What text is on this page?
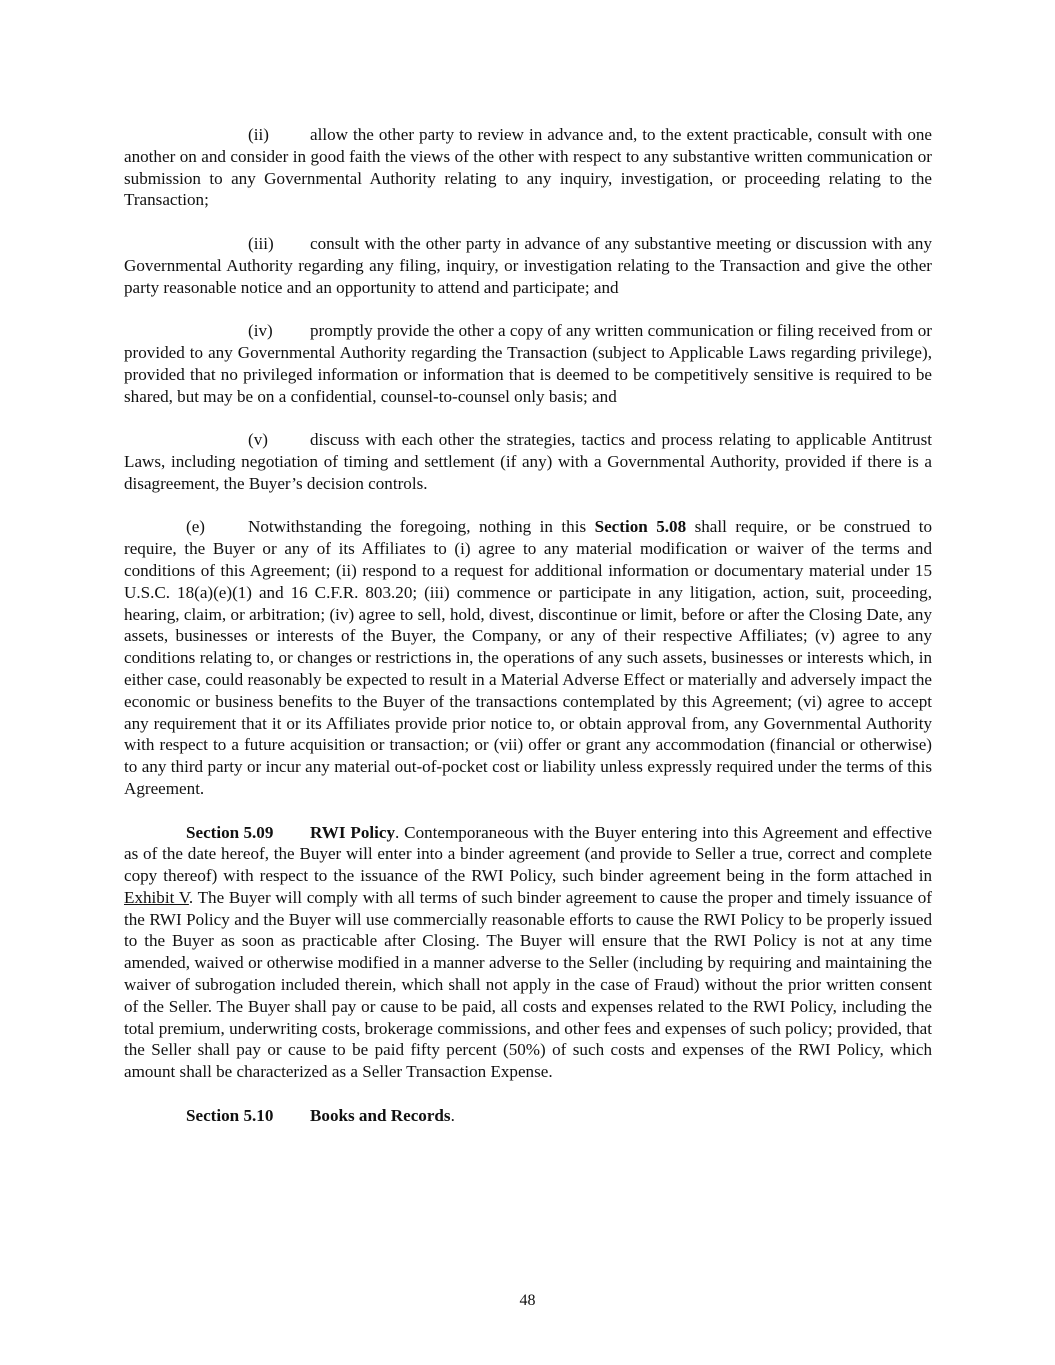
(ii) allow the other party to review in advance and, to the extent practicable, consult with one another on and consider in good faith the views of the other with respect to any substantive written communication or submission to any Governmental Authority relating to any inquiry, investigation, or proceeding relating to the Transaction;

(iii) consult with the other party in advance of any substantive meeting or discussion with any Governmental Authority regarding any filing, inquiry, or investigation relating to the Transaction and give the other party reasonable notice and an opportunity to attend and participate; and

(iv) promptly provide the other a copy of any written communication or filing received from or provided to any Governmental Authority regarding the Transaction (subject to Applicable Laws regarding privilege), provided that no privileged information or information that is deemed to be competitively sensitive is required to be shared, but may be on a confidential, counsel-to-counsel only basis; and

(v) discuss with each other the strategies, tactics and process relating to applicable Antitrust Laws, including negotiation of timing and settlement (if any) with a Governmental Authority, provided if there is a disagreement, the Buyer’s decision controls.

(e)	Notwithstanding the foregoing, nothing in this Section 5.08 shall require, or be construed to require, the Buyer or any of its Affiliates to (i) agree to any material modification or waiver of the terms and conditions of this Agreement; (ii) respond to a request for additional information or documentary material under 15 U.S.C. 18(a)(e)(1) and 16 C.F.R. 803.20; (iii) commence or participate in any litigation, action, suit, proceeding, hearing, claim, or arbitration; (iv) agree to sell, hold, divest, discontinue or limit, before or after the Closing Date, any assets, businesses or interests of the Buyer, the Company, or any of their respective Affiliates; (v) agree to any conditions relating to, or changes or restrictions in, the operations of any such assets, businesses or interests which, in either case, could reasonably be expected to result in a Material Adverse Effect or materially and adversely impact the economic or business benefits to the Buyer of the transactions contemplated by this Agreement; (vi) agree to accept any requirement that it or its Affiliates provide prior notice to, or obtain approval from, any Governmental Authority with respect to a future acquisition or transaction; or (vii) offer or grant any accommodation (financial or otherwise) to any third party or incur any material out-of-pocket cost or liability unless expressly required under the terms of this Agreement.

Section 5.09 RWI Policy. Contemporaneous with the Buyer entering into this Agreement and effective as of the date hereof, the Buyer will enter into a binder agreement (and provide to Seller a true, correct and complete copy thereof) with respect to the issuance of the RWI Policy, such binder agreement being in the form attached in Exhibit V. The Buyer will comply with all terms of such binder agreement to cause the proper and timely issuance of the RWI Policy and the Buyer will use commercially reasonable efforts to cause the RWI Policy to be properly issued to the Buyer as soon as practicable after Closing. The Buyer will ensure that the RWI Policy is not at any time amended, waived or otherwise modified in a manner adverse to the Seller (including by requiring and maintaining the waiver of subrogation included therein, which shall not apply in the case of Fraud) without the prior written consent of the Seller. The Buyer shall pay or cause to be paid, all costs and expenses related to the RWI Policy, including the total premium, underwriting costs, brokerage commissions, and other fees and expenses of such policy; provided, that the Seller shall pay or cause to be paid fifty percent (50%) of such costs and expenses of the RWI Policy, which amount shall be characterized as a Seller Transaction Expense.

Section 5.10 Books and Records.

48
